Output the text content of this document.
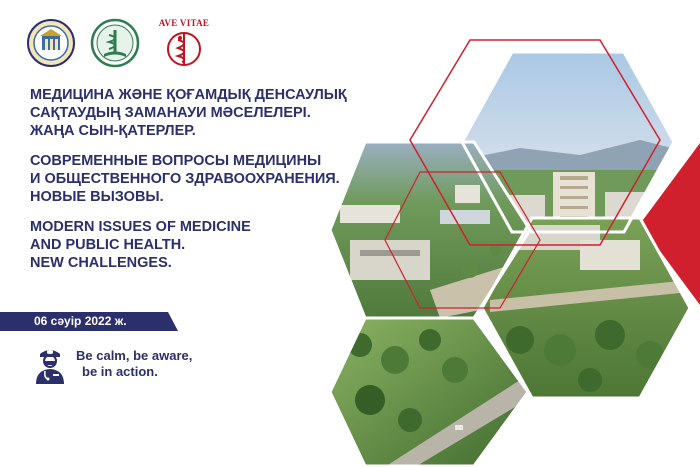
AVE VITAE
МЕДИЦИНА ЖӘНЕ ҚОҒАМДЫҚ ДЕНСАУЛЫҚ
САҚТАУДЫҢ ЗАМАНАУИ МӘСЕЛЕЛЕРІ.
ЖАҢА СЫН-ҚАТЕРЛЕР.
СОВРЕМЕННЫЕ ВОПРОСЫ МЕДИЦИНЫ
И ОБЩЕСТВЕННОГО ЗДРАВООХРАНЕНИЯ.
НОВЫЕ ВЫЗОВЫ.
MODERN ISSUES OF MEDICINE
AND PUBLIC HEALTH.
NEW CHALLENGES.
06 сәуір 2022 ж.
Be calm, be aware,
be in action.
